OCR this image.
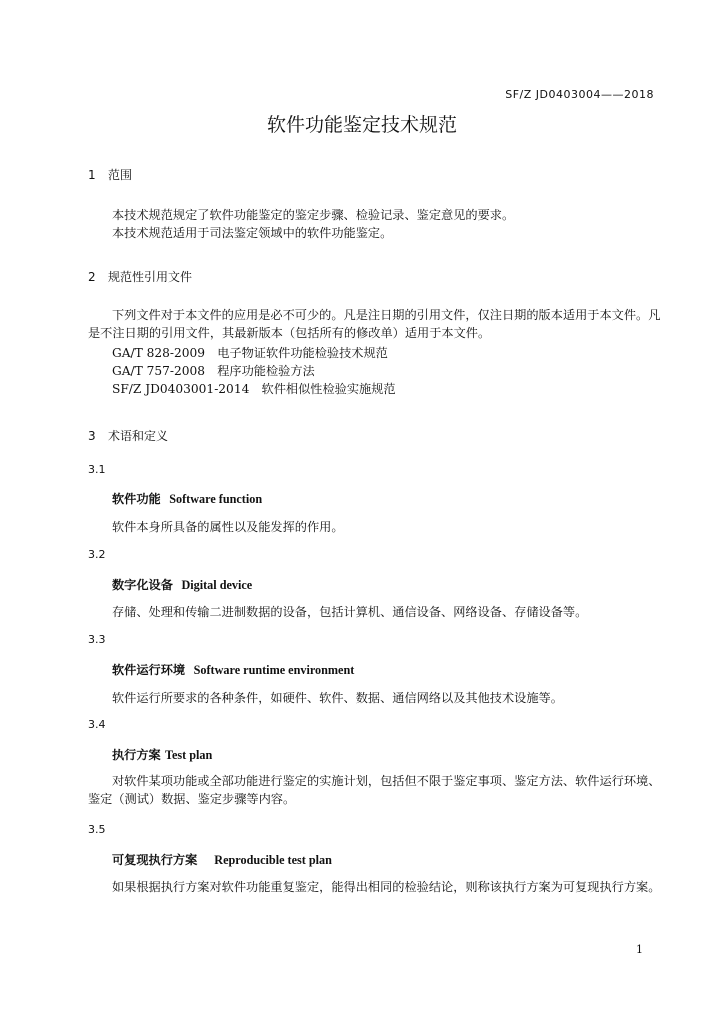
SF/Z JD0403004——2018
软件功能鉴定技术规范
1 范围
本技术规范规定了软件功能鉴定的鉴定步骤、检验记录、鉴定意见的要求。
本技术规范适用于司法鉴定领域中的软件功能鉴定。
2 规范性引用文件
下列文件对于本文件的应用是必不可少的。凡是注日期的引用文件，仅注日期的版本适用于本文件。凡是不注日期的引用文件，其最新版本（包括所有的修改单）适用于本文件。
GA/T 828-2009　电子物证软件功能检验技术规范
GA/T 757-2008　程序功能检验方法
SF/Z JD0403001-2014　软件相似性检验实施规范
3 术语和定义
3.1
软件功能 Software function
软件本身所具备的属性以及能发挥的作用。
3.2
数字化设备 Digital device
存储、处理和传输二进制数据的设备，包括计算机、通信设备、网络设备、存储设备等。
3.3
软件运行环境 Software runtime environment
软件运行所要求的各种条件，如硬件、软件、数据、通信网络以及其他技术设施等。
3.4
执行方案 Test plan
对软件某项功能或全部功能进行鉴定的实施计划，包括但不限于鉴定事项、鉴定方法、软件运行环境、鉴定（测试）数据、鉴定步骤等内容。
3.5
可复现执行方案 Reproducible test plan
如果根据执行方案对软件功能重复鉴定，能得出相同的检验结论，则称该执行方案为可复现执行方案。
1
